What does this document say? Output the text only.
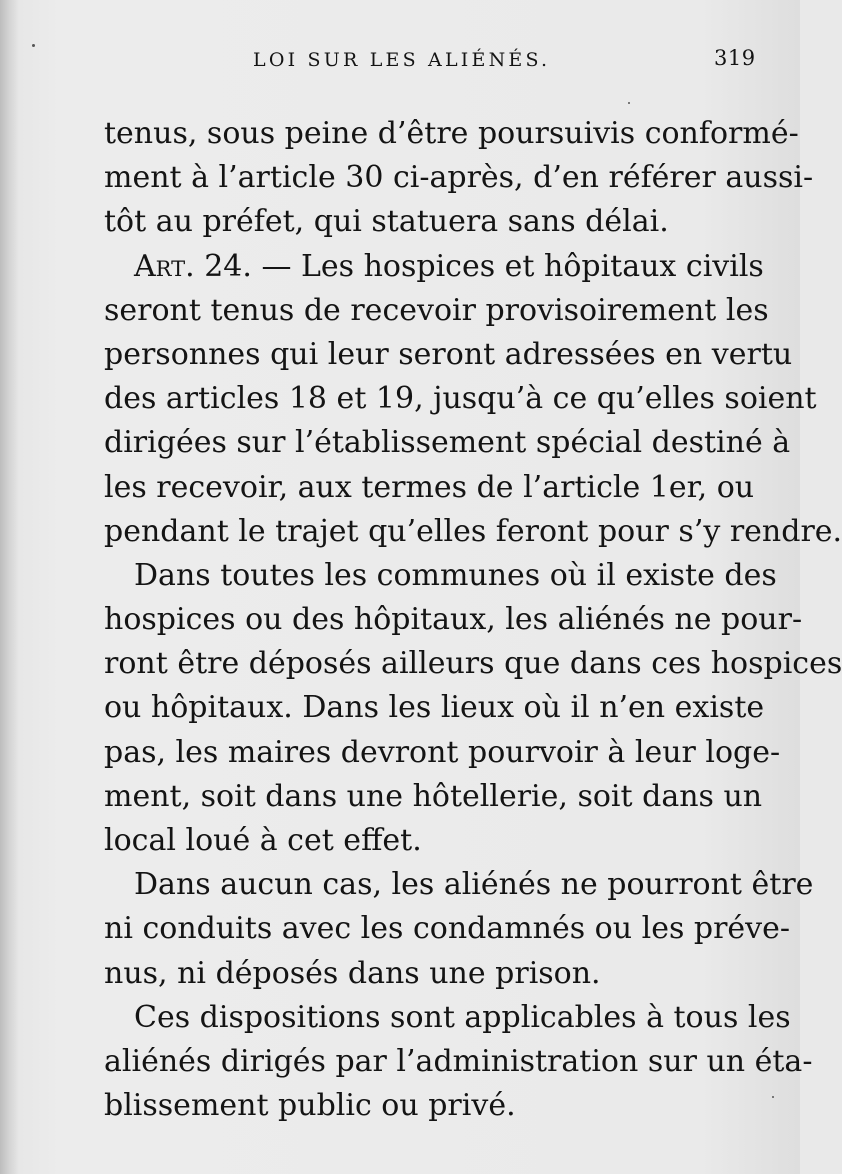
LOI SUR LES ALIÉNÉS.	319
tenus, sous peine d’être poursuivis conformé-
ment à l’article 30 ci-après, d’en référer aussi-
tôt au préfet, qui statuera sans délai.
Art. 24. — Les hospices et hôpitaux civils
seront tenus de recevoir provisoirement les
personnes qui leur seront adressées en vertu
des articles 18 et 19, jusqu’à ce qu’elles soient
dirigées sur l’établissement spécial destiné à
les recevoir, aux termes de l’article 1er, ou
pendant le trajet qu’elles feront pour s’y rendre.
Dans toutes les communes où il existe des
hospices ou des hôpitaux, les aliénés ne pour-
ront être déposés ailleurs que dans ces hospices
ou hôpitaux. Dans les lieux où il n’en existe
pas, les maires devront pourvoir à leur loge-
ment, soit dans une hôtellerie, soit dans un
local loué à cet effet.
Dans aucun cas, les aliénés ne pourront être
ni conduits avec les condamnés ou les préve-
nus, ni déposés dans une prison.
Ces dispositions sont applicables à tous les
aliénés dirigés par l’administration sur un éta-
blissement public ou privé.
